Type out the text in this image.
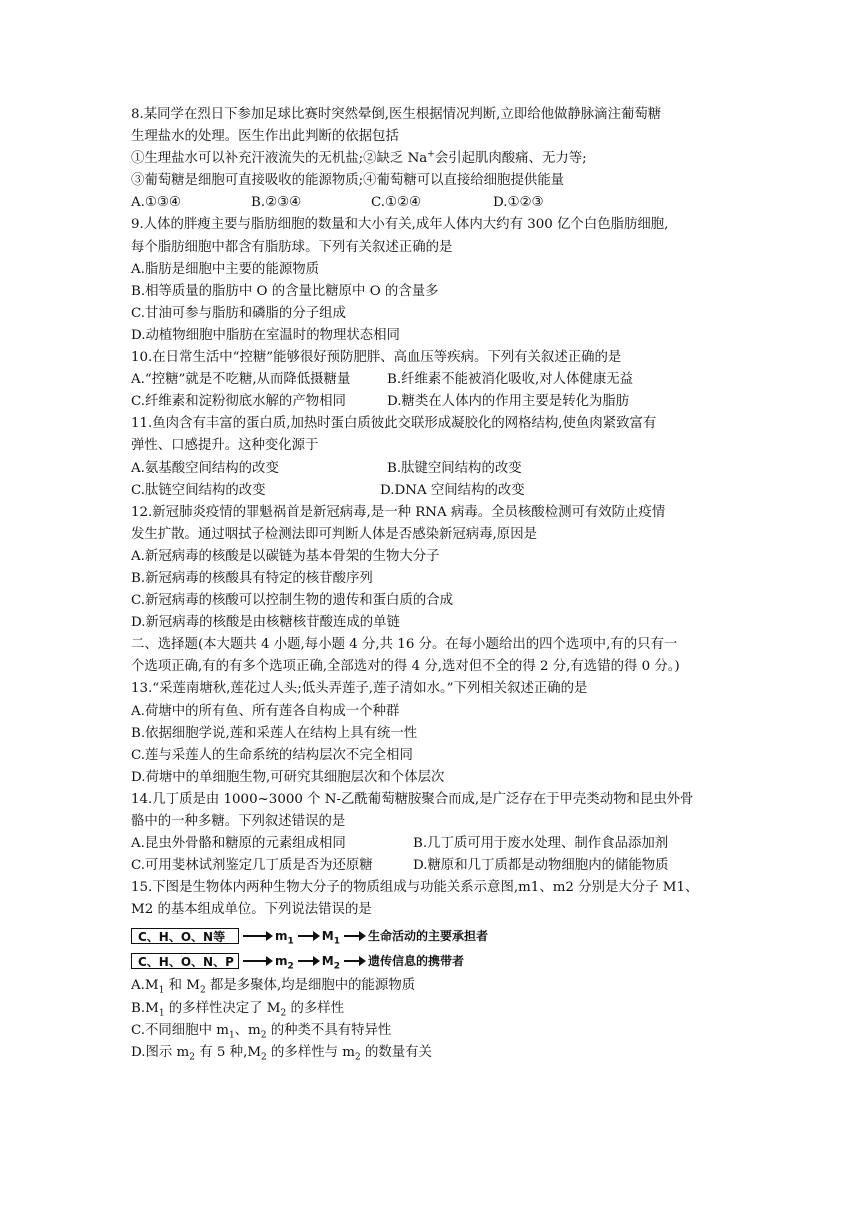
8.某同学在烈日下参加足球比赛时突然晕倒,医生根据情况判断,立即给他做静脉滴注葡萄糖
生理盐水的处理。医生作出此判断的依据包括
①生理盐水可以补充汗液流失的无机盐;②缺乏 Na+会引起肌肉酸痛、无力等;
③葡萄糖是细胞可直接吸收的能源物质;④葡萄糖可以直接给细胞提供能量
A.①③④	B.②③④	C.①②④	D.①②③
9.人体的胖瘦主要与脂肪细胞的数量和大小有关,成年人体内大约有 300 亿个白色脂肪细胞,
每个脂肪细胞中都含有脂肪球。下列有关叙述正确的是
A.脂肪是细胞中主要的能源物质
B.相等质量的脂肪中 O 的含量比糖原中 O 的含量多
C.甘油可参与脂肪和磷脂的分子组成
D.动植物细胞中脂肪在室温时的物理状态相同
10.在日常生活中“控糖”能够很好预防肥胖、高血压等疾病。下列有关叙述正确的是
A.“控糖”就是不吃糖,从而降低摄糖量	B.纤维素不能被消化吸收,对人体健康无益
C.纤维素和淀粉彻底水解的产物相同	D.糖类在人体内的作用主要是转化为脂肪
11.鱼肉含有丰富的蛋白质,加热时蛋白质彼此交联形成凝胶化的网格结构,使鱼肉紧致富有
弹性、口感提升。这种变化源于
A.氨基酸空间结构的改变	B.肽键空间结构的改变
C.肽链空间结构的改变	D.DNA 空间结构的改变
12.新冠肺炎疫情的罪魁祸首是新冠病毒,是一种 RNA 病毒。全员核酸检测可有效防止疫情
发生扩散。通过咽拭子检测法即可判断人体是否感染新冠病毒,原因是
A.新冠病毒的核酸是以碳链为基本骨架的生物大分子
B.新冠病毒的核酸具有特定的核苷酸序列
C.新冠病毒的核酸可以控制生物的遗传和蛋白质的合成
D.新冠病毒的核酸是由核糖核苷酸连成的单链
二、选择题(本大题共 4 小题,每小题 4 分,共 16 分。在每小题给出的四个选项中,有的只有一
个选项正确,有的有多个选项正确,全部选对的得 4 分,选对但不全的得 2 分,有选错的得 0 分。)
13.“采莲南塘秋,莲花过人头;低头弄莲子,莲子清如水。”下列相关叙述正确的是
A.荷塘中的所有鱼、所有莲各自构成一个种群
B.依据细胞学说,莲和采莲人在结构上具有统一性
C.莲与采莲人的生命系统的结构层次不完全相同
D.荷塘中的单细胞生物,可研究其细胞层次和个体层次
14.几丁质是由 1000~3000 个 N-乙酰葡萄糖胺聚合而成,是广泛存在于甲壳类动物和昆虫外骨
骼中的一种多糖。下列叙述错误的是
A.昆虫外骨骼和糖原的元素组成相同	B.几丁质可用于废水处理、制作食品添加剂
C.可用斐林试剂鉴定几丁质是否为还原糖	D.糖原和几丁质都是动物细胞内的储能物质
15.下图是生物体内两种生物大分子的物质组成与功能关系示意图,m1、m2 分别是大分子 M1、
M2 的基本组成单位。下列说法错误的是
C、H、O、N等	$m_1$ $M_1$ 生命活动的主要承担者
C、H、O、N、P	$m_2$ $M_2$ 遗传信息的携带者
$A.M_1$ 和 $M_2$ 都是多聚体,均是细胞中的能源物质
$B.M_1$ 的多样性决定了 $M_2$ 的多样性
C.不同细胞中 $m_1$、$m_2$ 的种类不具有特异性
D.图示 $m_2$ 有 5 种$,M_2$ 的多样性与 $m_2$ 的数量有关
